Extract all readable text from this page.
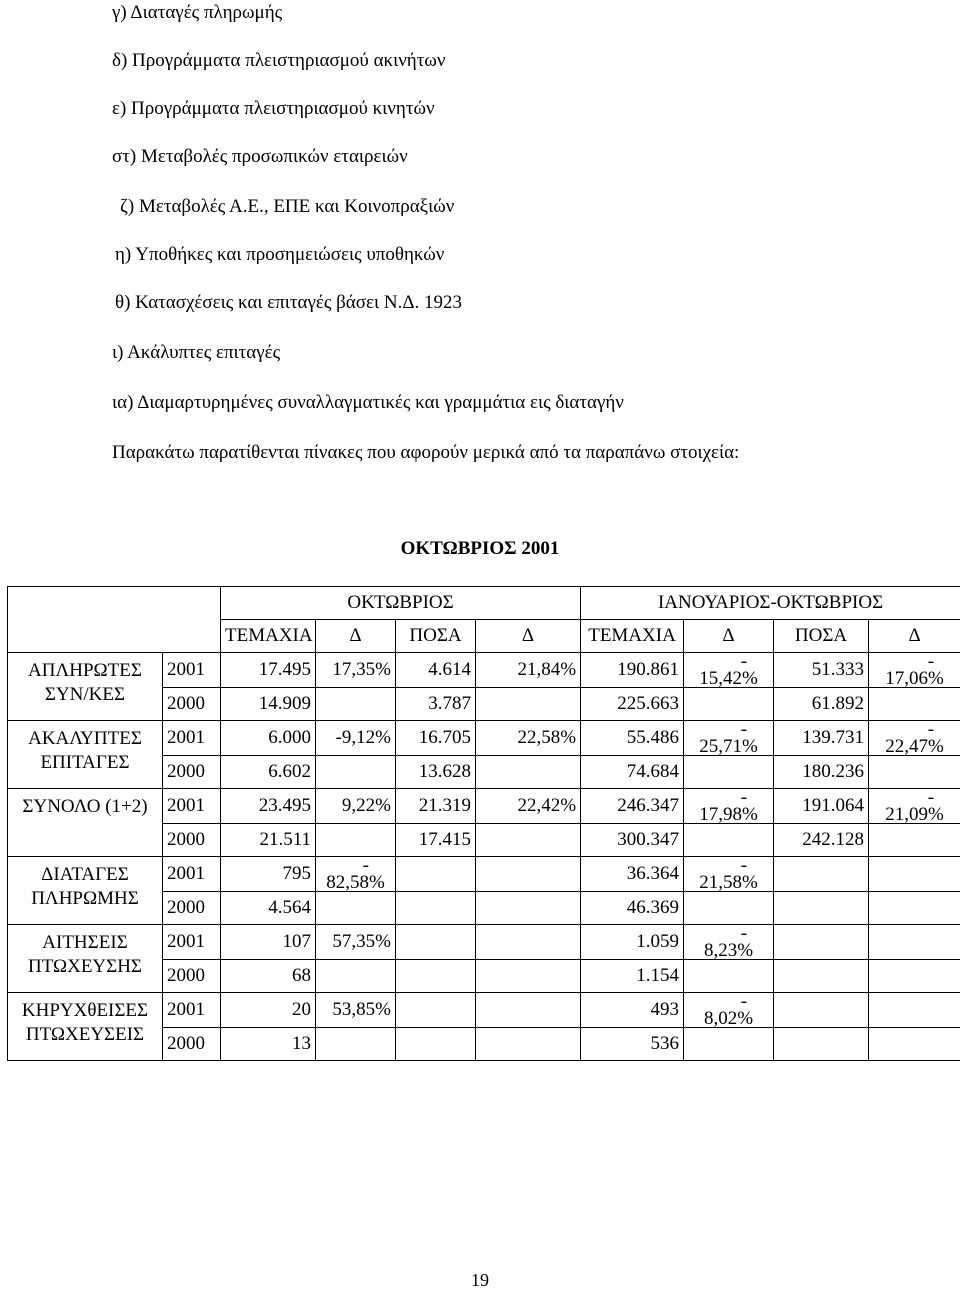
γ) Διαταγές πληρωμής
δ) Προγράμματα πλειστηριασμού ακινήτων
ε) Προγράμματα πλειστηριασμού κινητών
στ) Μεταβολές προσωπικών εταιρειών
ζ) Μεταβολές Α.Ε., ΕΠΕ και Κοινοπραξιών
η) Υποθήκες και προσημειώσεις υποθηκών
θ) Κατασχέσεις και επιταγές βάσει Ν.Δ. 1923
ι) Ακάλυπτες επιταγές
ια) Διαμαρτυρημένες συναλλαγματικές και γραμμάτια εις διαταγήν
Παρακάτω παρατίθενται πίνακες που αφορούν μερικά από τα παραπάνω στοιχεία:
ΟΚΤΩΒΡΙΟΣ 2001
		ΟΚΤΩΒΡΙΟΣ				ΙΑΝΟΥΑΡΙΟΣ-ΟΚΤΩΒΡΙΟΣ			
		ΤΕΜΑΧΙΑ	Δ	ΠΟΣΑ	Δ	ΤΕΜΑΧΙΑ	Δ	ΠΟΣΑ	Δ
ΑΠΛΗΡΩΤΕΣ ΣΥΝ/ΚΕΣ	2001	17.495	17,35%	4.614	21,84%	190.861	-
15,42%	51.333	-
17,06%

	2000	14.909		3.787		225.663		61.892	
ΑΚΑΛΥΠΤΕΣ ΕΠΙΤΑΓΕΣ	2001	6.000	-9,12%	16.705	22,58%	55.486	-
25,71%	139.731	-
22,47%

	2000	6.602		13.628		74.684		180.236	
ΣΥΝΟΛΟ (1+2)	2001	23.495	9,22%	21.319	22,42%	246.347	-
17,98%	191.064	-
21,09%

	2000	21.511		17.415		300.347		242.128	
ΔΙΑΤΑΓΕΣ ΠΛΗΡΩΜΗΣ	2001	795	-
82,58%			36.364	-
21,58%		

	2000	4.564				46.369			
ΑΙΤΗΣΕΙΣ ΠΤΩΧΕΥΣΗΣ	2001	107	57,35%			1.059	-
8,23%		

	2000	68				1.154			
ΚΗΡΥΧθΕΙΣΕΣ ΠΤΩΧΕΥΣΕΙΣ	2001	20	53,85%			493	-
8,02%		

	2000	13				536			
19
